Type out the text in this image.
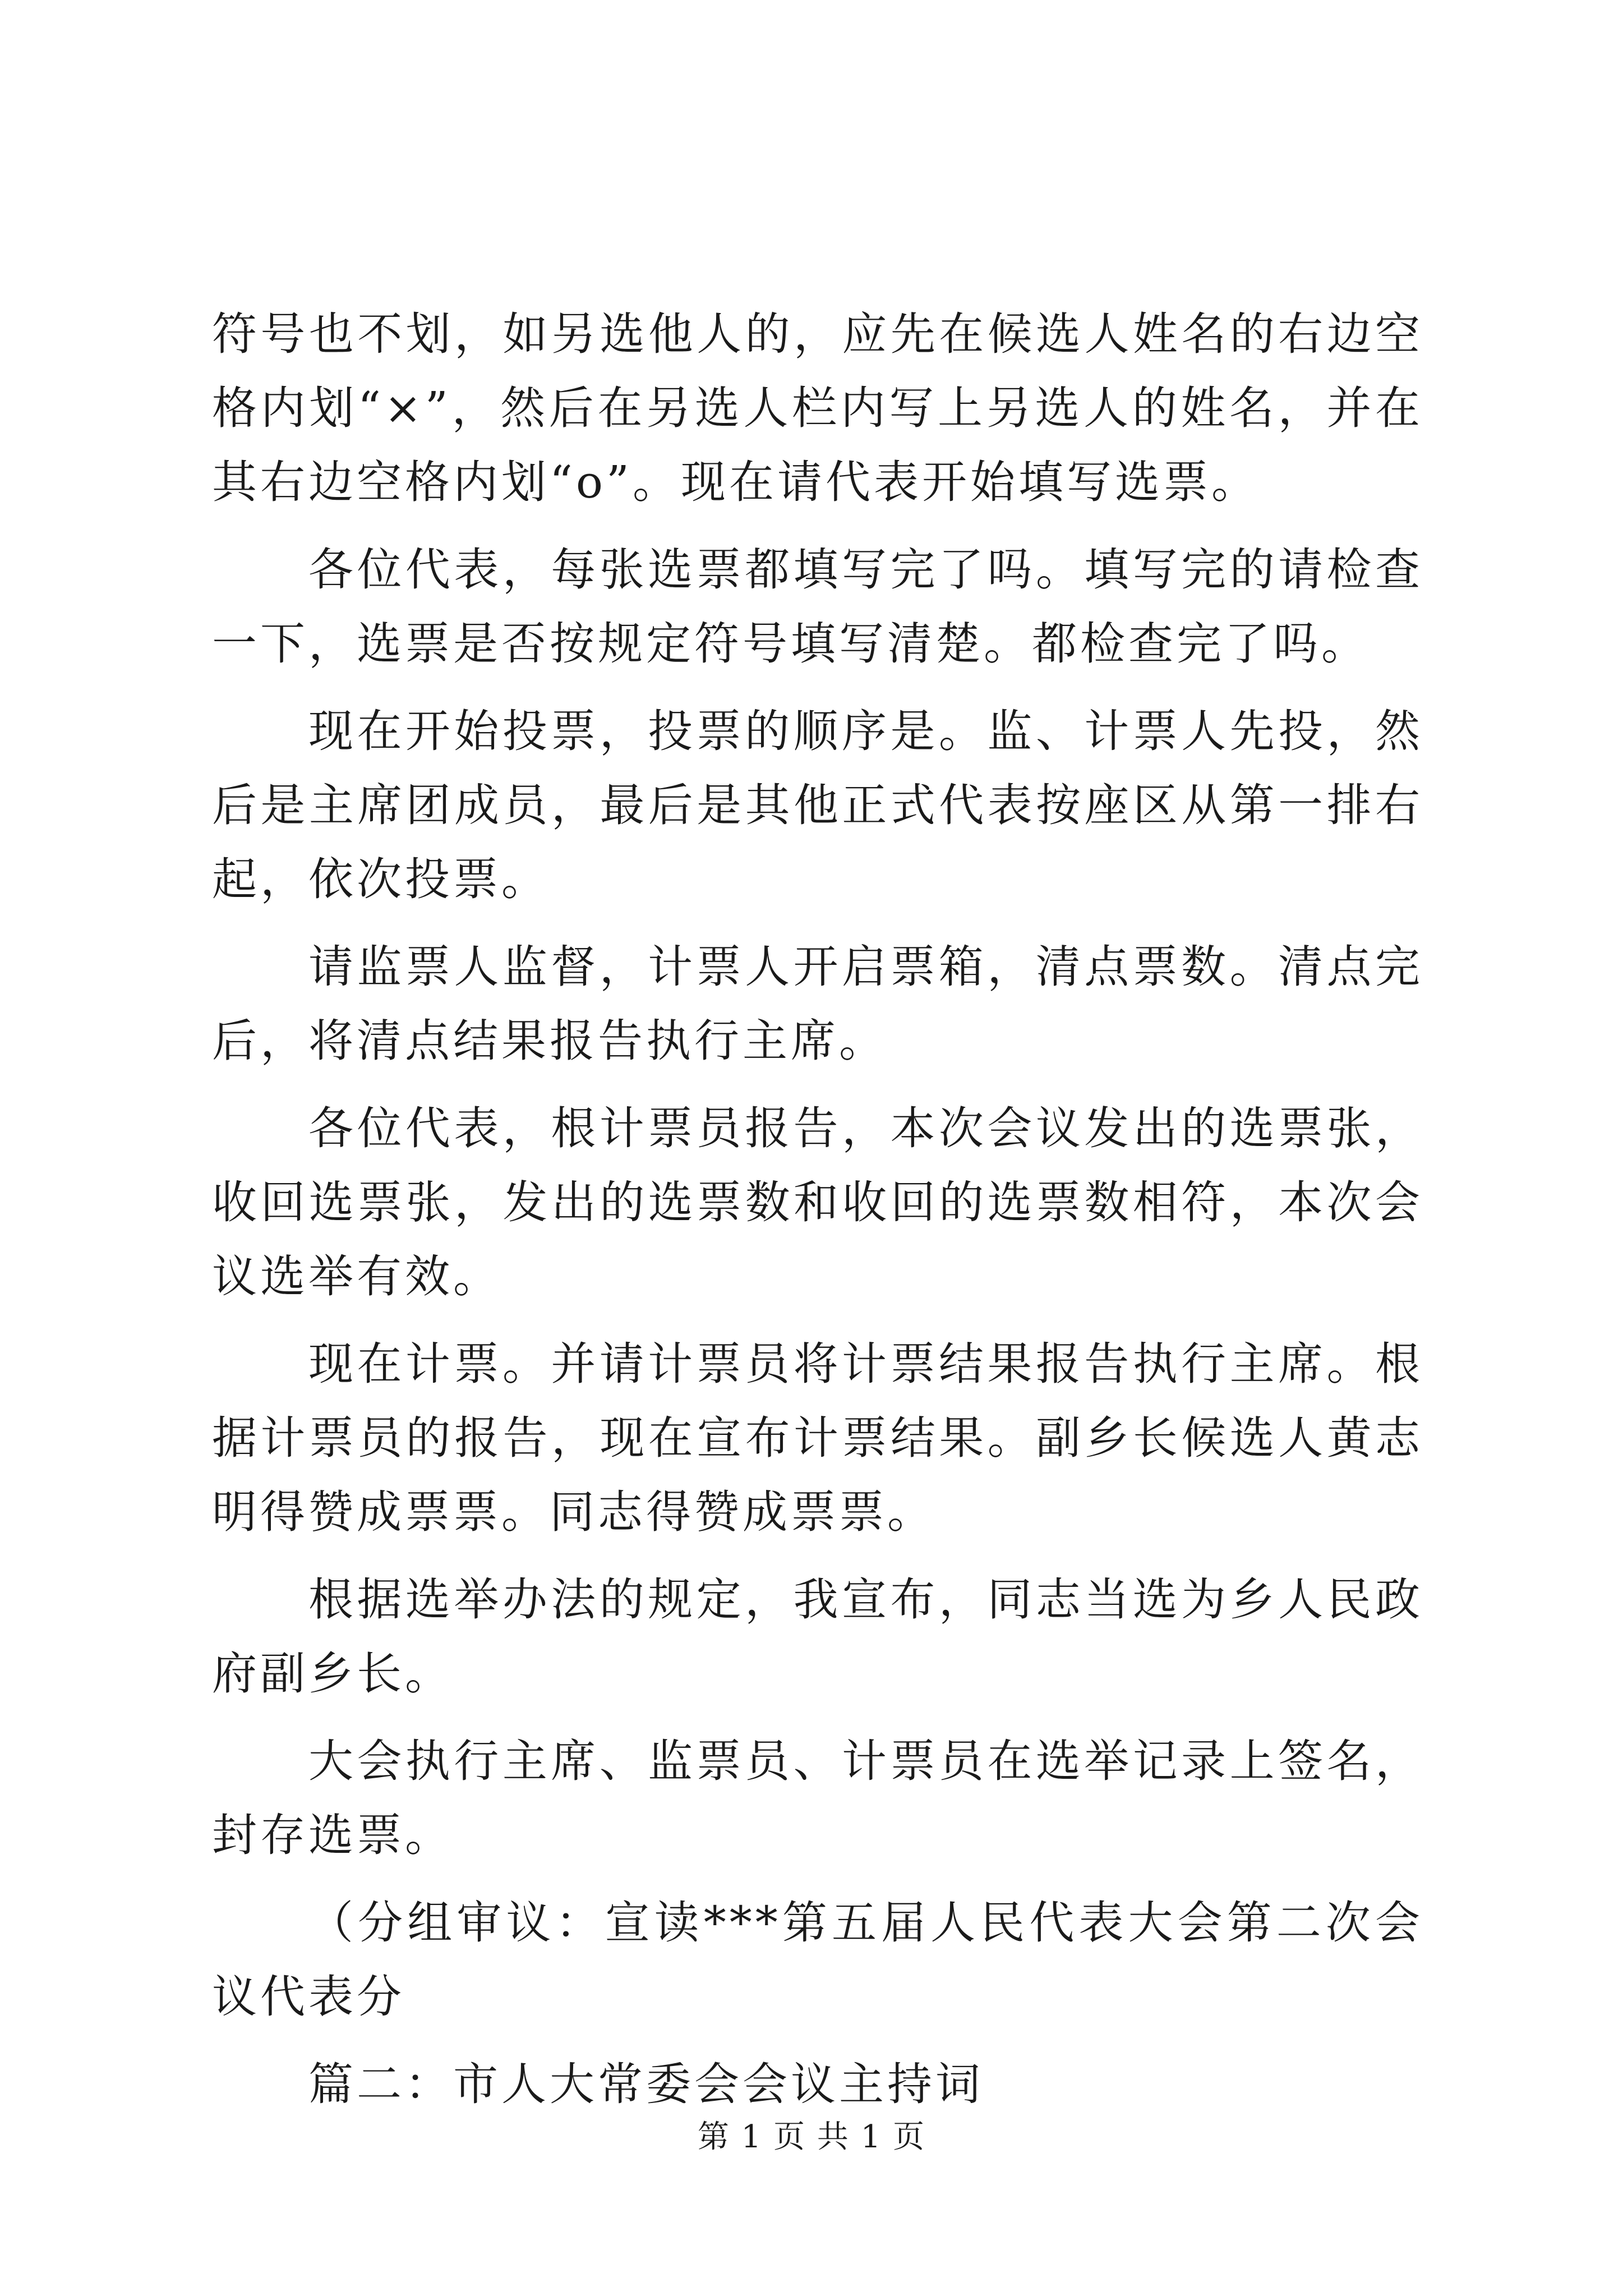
符号也不划，如另选他人的，应先在候选人姓名的右边空格内划“×”，然后在另选人栏内写上另选人的姓名，并在其右边空格内划“o”。现在请代表开始填写选票。

各位代表，每张选票都填写完了吗。填写完的请检查一下，选票是否按规定符号填写清楚。都检查完了吗。

现在开始投票，投票的顺序是。监、计票人先投，然后是主席团成员，最后是其他正式代表按座区从第一排右起，依次投票。

请监票人监督，计票人开启票箱，清点票数。清点完后，将清点结果报告执行主席。

各位代表，根计票员报告，本次会议发出的选票张，收回选票张，发出的选票数和收回的选票数相符，本次会议选举有效。

现在计票。并请计票员将计票结果报告执行主席。根据计票员的报告，现在宣布计票结果。副乡长候选人黄志明得赞成票票。同志得赞成票票。

根据选举办法的规定，我宣布，同志当选为乡人民政府副乡长。

大会执行主席、监票员、计票员在选举记录上签名，封存选票。

（分组审议：宣读***第五届人民代表大会第二次会议代表分

篇二：市人大常委会会议主持词

第 1 页 共 1 页
